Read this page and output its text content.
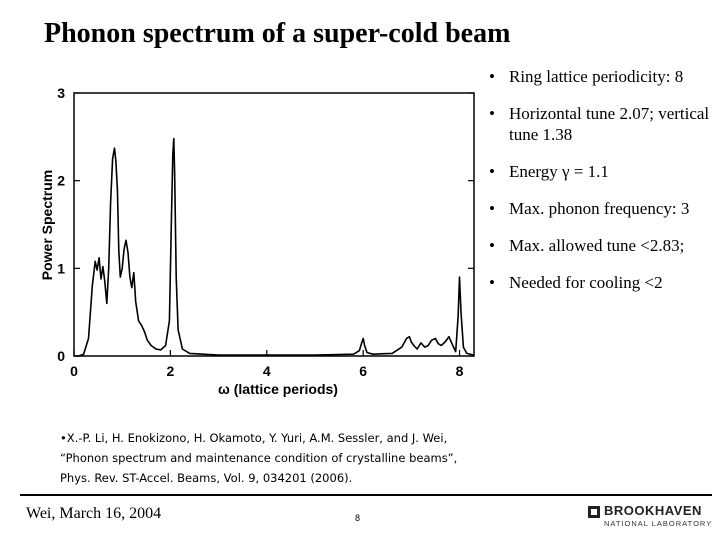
Phonon spectrum of a super-cold beam
0
1
2
3
0	2	4	6	8
Power Spectrum
ω (lattice periods)
• Ring lattice periodicity: 8
• Horizontal tune 2.07; vertical tune 1.38
• Energy γ = 1.1
• Max. phonon frequency: 3
• Max. allowed tune <2.83;
• Needed for cooling <2
•X.-P. Li, H. Enokizono, H. Okamoto, Y. Yuri, A.M. Sessler, and J. Wei,
“Phonon spectrum and maintenance condition of crystalline beams”,
Phys. Rev. ST-Accel. Beams, Vol. 9, 034201 (2006).
Wei, March 16, 2004	8	BROOKHAVEN
NATIONAL LABORATORY
